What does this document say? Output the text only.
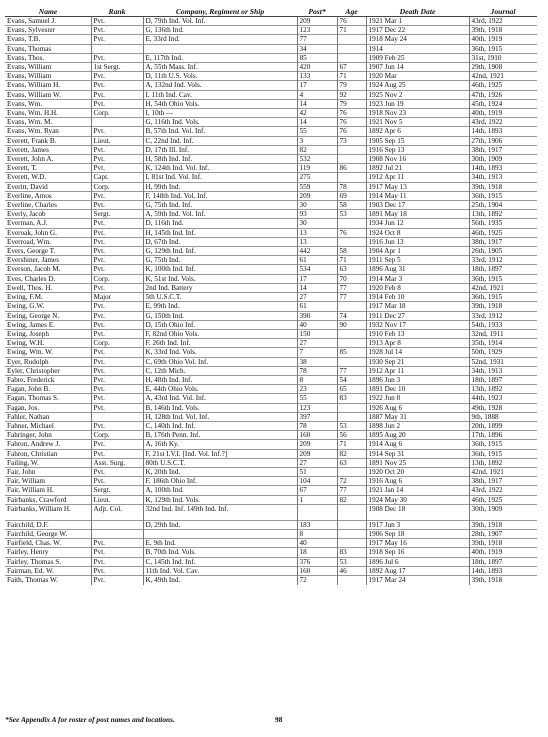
Name	Rank	Company, Regiment or Ship	Post*	Age	Death Date	Journal
Evans, Samuel J.	Pvt.	D, 79th Ind. Vol. Inf.	209	76	1921 Mar 1	43rd, 1922
Evans, Sylvester	Pvt.	G, 136th Ind.	123	71	1917 Dec 22	39th, 1918
Evans, T.B.	Pvt.	E, 33rd Ind.	77		1918 May 24	40th, 1919
Evans, Thomas			34		1914	36th, 1915
Evans, Thos.	Pvt.	E, 117th Ind.	85		1909 Feb 25	31st, 1910
Evans, William	1st Sergt.	A, 55th Mass. Inf.	420	67	1907 Jun 14	29th, 1908
Evans, William	Pvt.	D, 11th U.S. Vols.	133	71	1920 Mar	42nd, 1921
Evans, William H.	Pvt.	A, 132nd Ind. Vols.	17	79	1924 Aug 25	46th, 1925
Evans, William W.	Pvt.	I, 11th Ind. Cav.	4	92	1925 Nov 2	47th, 1926
Evans, Wm.	Pvt.	H, 54th Ohio Vols.	14	79	1923 Jun 19	45th, 1924
Evans, Wm. H.H.	Corp.	I, 10th —	42	76	1918 Nov 23	40th, 1919
Evans, Wm. M.		G, 116th Ind. Vols.	14	76	1921 Nov 5	43rd, 1922
Evans, Wm. Ryan	Pvt.	B, 57th Ind. Vol. Inf.	55	76	1892 Apr 6	14th, 1893
Everett, Frank B.	Lieut.	C, 22nd Ind. Inf.	3	73	1905 Sep 15	27th, 1906
Everett, James	Pvt.	D, 17th Ill. Inf.	82		1916 Sep 13	38th, 1917
Everett, John A.	Pvt.	H, 58th Ind. Inf.	532		1908 Nov 16	30th, 1909
Everett, T.	Pvt.	K, 124th Ind. Vol. Inf.	119	86	1892 Jul 21	14th, 1893
Everett, W.D.	Capt.	I, 81st Ind. Vol. Inf.	275		1912 Apr 11	34th, 1913
Everitt, David	Corp.	H, 99th Ind.	559	78	1917 May 13	39th, 1918
Everline, Amos	Pvt.	F, 148th Ind. Vol. Inf.	209	69	1914 May 11	36th, 1915
Everline, Charles	Pvt.	G, 75th Ind. Inf.	30	58	1903 Dec 17	25th, 1904
Everly, Jacob	Sergt.	A, 59th Ind. Vol. Inf.	93	53	1891 May 18	13th, 1892
Everman, A.J.	Pvt.	D, 116th Ind.	30		1934 Jun 12	56th, 1935
Everoak, John G.	Pvt.	H, 145th Ind. Inf.	13	76	1924 Oct 8	46th, 1925
Everroad, Wm.	Pvt.	D, 67th Ind.	13		1916 Jun 13	38th, 1917
Evers, George T.	Pvt.	G, 129th Ind. Inf.	442	58	1904 Apr 1	26th, 1905
Evershiner, James	Pvt.	G, 75th Ind.	61	71	1911 Sep 5	33rd, 1912
Everson, Jacob M.	Pvt.	K, 100th Ind. Inf.	534	63	1896 Aug 31	18th, 1897
Eves, Charles D.	Corp.	K, 51st Ind. Vols.	17	70	1914 Mar 3	36th, 1915
Ewell, Thos. H.	Pvt.	2nd Ind. Battery	14	77	1920 Feb 8	42nd, 1921
Ewing, F.M.	Major	5th U.S.C.T.	27	77	1914 Feb 10	36th, 1915
Ewing, G.W.	Pvt.	E, 99th Ind.	61		1917 Mar 18	39th, 1918
Ewing, George N.	Pvt.	G, 150th Ind.	390	74	1911 Dec 27	33rd, 1912
Ewing, James E.	Pvt.	D, 15th Ohio Inf.	40	90	1932 Nov 17	54th, 1933
Ewing, Joseph	Pvt.	F, 82nd Ohio Vols.	150		1910 Feb 13	32nd, 1911
Ewing, W.H.	Corp.	F, 26th Ind. Inf.	27		1913 Apr 8	35th, 1914
Ewing, Wm. W.	Pvt.	K, 33rd Ind. Vols.	7	85	1928 Jul 14	50th, 1929
Eyer, Rudolph	Pvt.	C, 69th Ohio Vol. Inf.	38		1930 Sep 21	52nd, 1931
Eyler, Christopher	Pvt.	C, 12th Mich.	78	77	1912 Apr 11	34th, 1913
Fabre, Frederick	Pvt.	H, 48th Ind. Inf.	8	54	1896 Jun 3	18th, 1897
Fagan, John B.	Pvt.	E, 44th Ohio Vols.	23	65	1891 Dec 10	13th, 1892
Fagan, Thomas S.	Pvt.	A, 43rd Ind. Vol. Inf.	55	83	1922 Jun 8	44th, 1923
Fagan, Jos.	Pvt.	B, 146th Ind. Vols.	123		1926 Aug 6	49th, 1928
Fahler, Nathan		H, 128th Ind. Vol. Inf.	397		1887 May 31	9th, 1888
Fahner, Michael	Pvt.	C, 140th Ind. Inf.	78	53	1898 Jun 2	20th, 1899
Fahringer, John	Corp.	B, 176th Penn. Inf.	160	56	1895 Aug 20	17th, 1896
Fahron, Andrew J.	Pvt.	A, 16th Ky.	209	71	1914 Aug 6	36th, 1915
Fahron, Christian	Pvt.	F, 21st I.V.I. [Ind. Vol. Inf.?]	209	82	1914 Sep 31	36th, 1915
Failing, W.	Asst. Surg.	80th U.S.C.T.	27	63	1891 Nov 25	13th, 1892
Fair, John	Pvt.	K, 20th Ind.	51		1920 Oct 20	42nd, 1921
Fair, William	Pvt.	F, 186th Ohio Inf.	104	72	1916 Aug 6	38th, 1917
Fair, William H.	Sergt.	A, 100th Ind.	67	77	1921 Jan 14	43rd, 1922
Fairbanks, Crawford	Lieut.	K, 129th Ind. Vols.	1	82	1924 May 30	46th, 1925
Fairbanks, William H.	Adjt. Col.	32nd Ind. Inf. 149th Ind. Inf.			1908 Dec 18	30th, 1909
Fairchild, D.F.		D, 29th Ind.	183		1917 Jun 3	39th, 1918
Fairchild, George W.			8		1906 Sep 18	28th, 1907
Fairfield, Chas. W.	Pvt.	E, 9th Ind.	40		1917 May 16	39th, 1918
Fairley, Henry	Pvt.	B, 70th Ind. Vols.	18	83	1918 Sep 16	40th, 1919
Fairley, Thomas S.	Pvt.	C, 145th Ind. Inf.	376	53	1896 Jul 6	18th, 1897
Fairman, Ed. W.	Pvt.	11th Ind. Vol. Cav.	160	46	1892 Aug 17	14th, 1893
Faith, Thomas W.	Pvt.	K, 49th Ind.	72		1917 Mar 24	39th, 1918
*See Appendix A for roster of post names and locations.	98
